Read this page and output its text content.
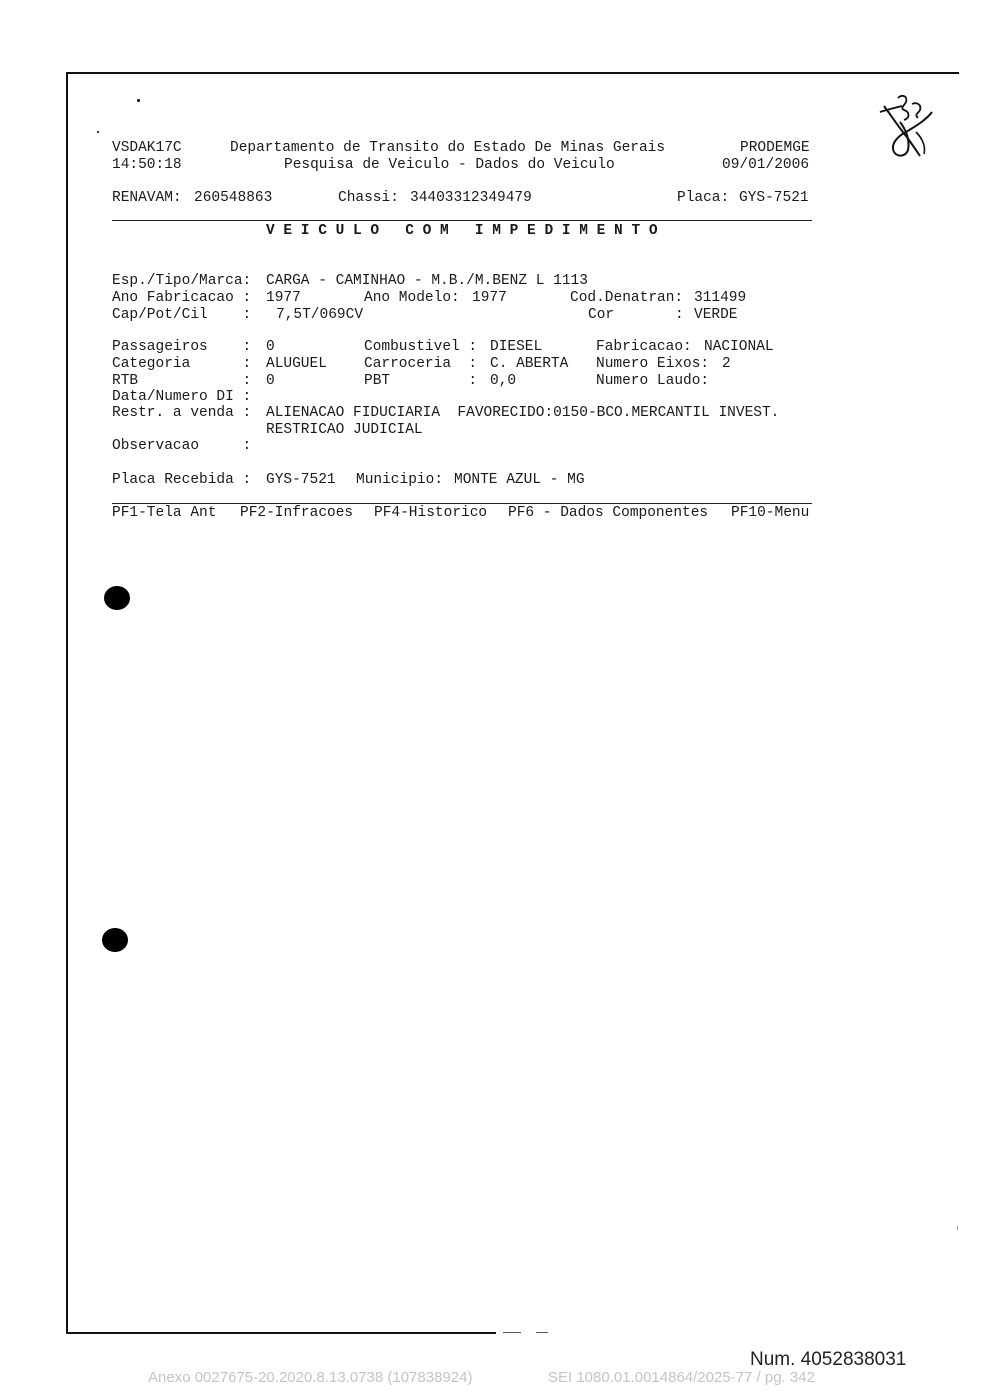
VSDAK17C
14:50:18
Departamento de Transito do Estado De Minas Gerais
Pesquisa de Veiculo - Dados do Veiculo
PRODEMGE
09/01/2006
RENAVAM: 260548863	Chassi: 34403312349479	Placa: GYS-7521
V E I C U L O   C O M   I M P E D I M E N T O
Esp./Tipo/Marca: CARGA - CAMINHAO - M.B./M.BENZ L 1113
Ano Fabricacao : 1977	Ano Modelo: 1977	Cod.Denatran: 311499
Cap/Pot/Cil    : 7,5T/069CV	Cor       : VERDE
Passageiros    : 0	Combustivel : DIESEL	Fabricacao: NACIONAL
Categoria      : ALUGUEL	Carroceria  : C. ABERTA Numero Eixos: 2
RTB            : 0	PBT         : 0,0	Numero Laudo:
Data/Numero DI :
Restr. a venda : ALIENACAO FIDUCIARIA  FAVORECIDO:0150-BCO.MERCANTIL INVEST.
RESTRICAO JUDICIAL
Observacao     :
Placa Recebida : GYS-7521 Municipio: MONTE AZUL - MG
PF1-Tela Ant PF2-Infracoes PF4-Historico PF6 - Dados Componentes PF10-Menu
Num. 4052838031
Anexo 0027675-20.2020.8.13.0738 (107838924)	SEI 1080.01.0014864/2025-77 / pg. 342
